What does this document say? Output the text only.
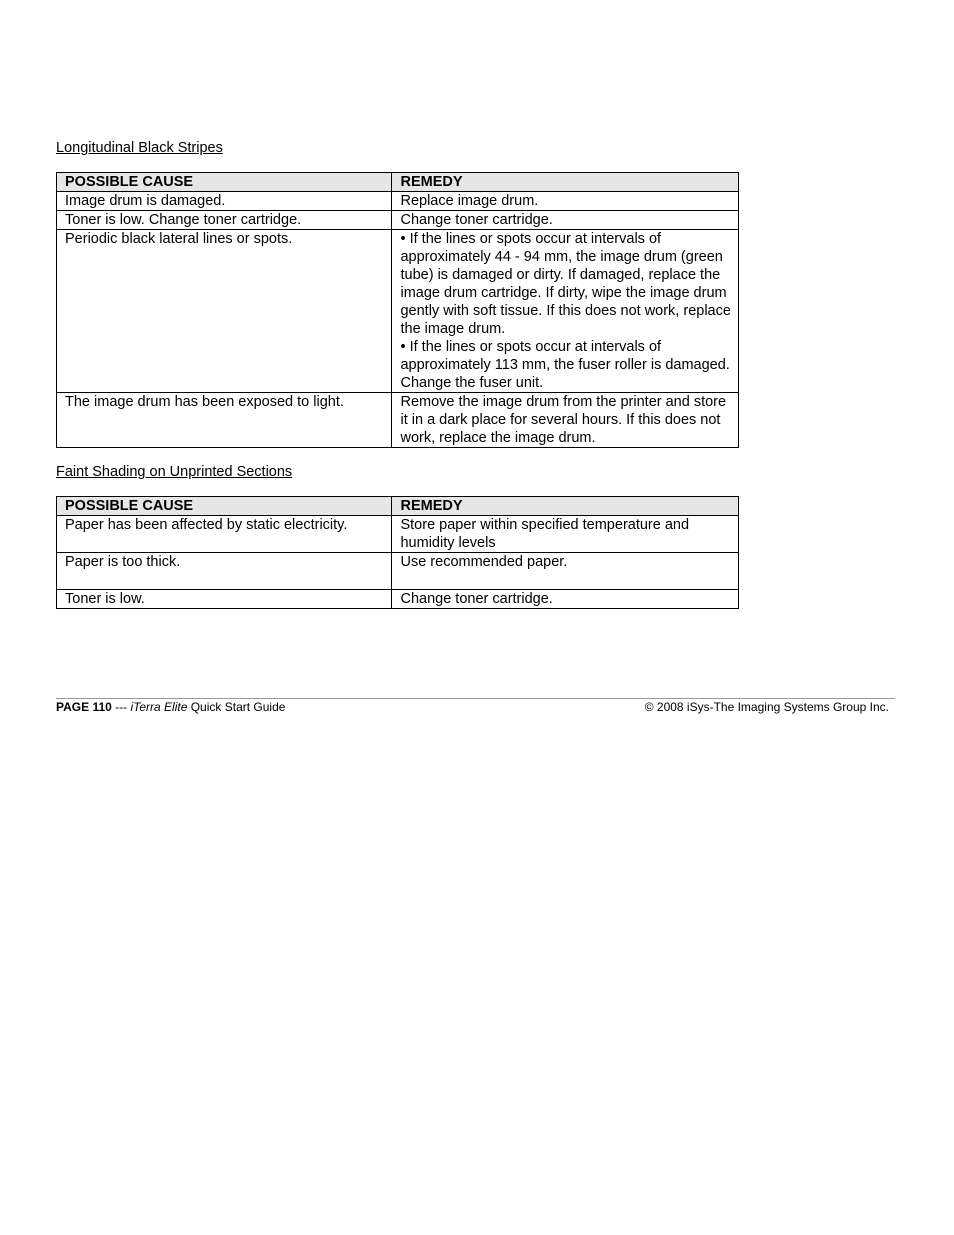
Longitudinal Black Stripes

POSSIBLE CAUSE	REMEDY
Image drum is damaged.	Replace image drum.

Toner is low. Change toner cartridge.	Change toner cartridge.

Periodic black lateral lines or spots.	• If the lines or spots occur at intervals of approximately 44 - 94 mm, the image drum (green tube) is damaged or dirty. If damaged, replace the image drum cartridge. If dirty, wipe the image drum gently with soft tissue. If this does not work, replace the image drum.
• If the lines or spots occur at intervals of approximately 113 mm, the fuser roller is damaged. Change the fuser unit.

The image drum has been exposed to light.	Remove the image drum from the printer and store it in a dark place for several hours. If this does not work, replace the image drum.

Faint Shading on Unprinted Sections

POSSIBLE CAUSE	REMEDY
Paper has been affected by static electricity.	Store paper within specified temperature and humidity levels

Paper is too thick.	Use recommended paper.

Toner is low.	Change toner cartridge.
PAGE 110 --- iTerra Elite Quick Start Guide	© 2008 iSys-The Imaging Systems Group Inc.
